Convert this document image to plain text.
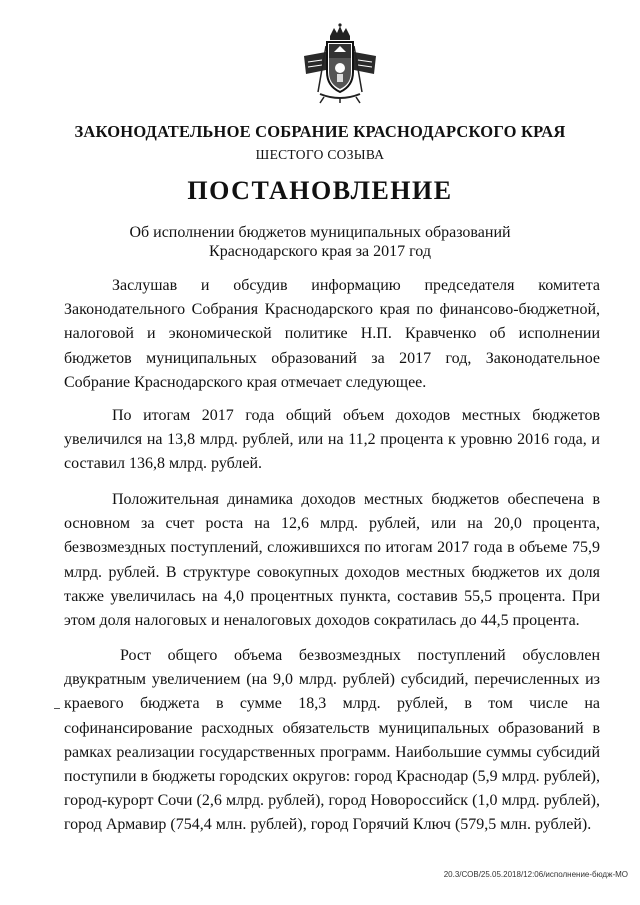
ЗАКОНОДАТЕЛЬНОЕ СОБРАНИЕ КРАСНОДАРСКОГО КРАЯ
ШЕСТОГО СОЗЫВА
ПОСТАНОВЛЕНИЕ
Об исполнении бюджетов муниципальных образований
Краснодарского края за 2017 год

Заслушав и обсудив информацию председателя комитета Законодательного Собрания Краснодарского края по финансово-бюджетной, налоговой и экономической политике Н.П. Кравченко об исполнении бюджетов муниципальных образований за 2017 год, Законодательное Собрание Краснодарского края отмечает следующее.

По итогам 2017 года общий объем доходов местных бюджетов увеличился на 13,8 млрд. рублей, или на 11,2 процента к уровню 2016 года, и составил 136,8 млрд. рублей.

Положительная динамика доходов местных бюджетов обеспечена в основном за счет роста на 12,6 млрд. рублей, или на 20,0 процента, безвозмездных поступлений, сложившихся по итогам 2017 года в объеме 75,9 млрд. рублей. В структуре совокупных доходов местных бюджетов их доля также увеличилась на 4,0 процентных пункта, составив 55,5 процента. При этом доля налоговых и неналоговых доходов сократилась до 44,5 процента.

Рост общего объема безвозмездных поступлений обусловлен двукратным увеличением (на 9,0 млрд. рублей) субсидий, перечисленных из краевого бюджета в сумме 18,3 млрд. рублей, в том числе на софинансирование расходных обязательств муниципальных образований в рамках реализации государственных программ. Наибольшие суммы субсидий поступили в бюджеты городских округов: город Краснодар (5,9 млрд. рублей), город-курорт Сочи (2,6 млрд. рублей), город Новороссийск (1,0 млрд. рублей), город Армавир (754,4 млн. рублей), город Горячий Ключ (579,5 млн. рублей).

20.3/СОВ/25.05.2018/12:06/исполнение-бюдж-МО
